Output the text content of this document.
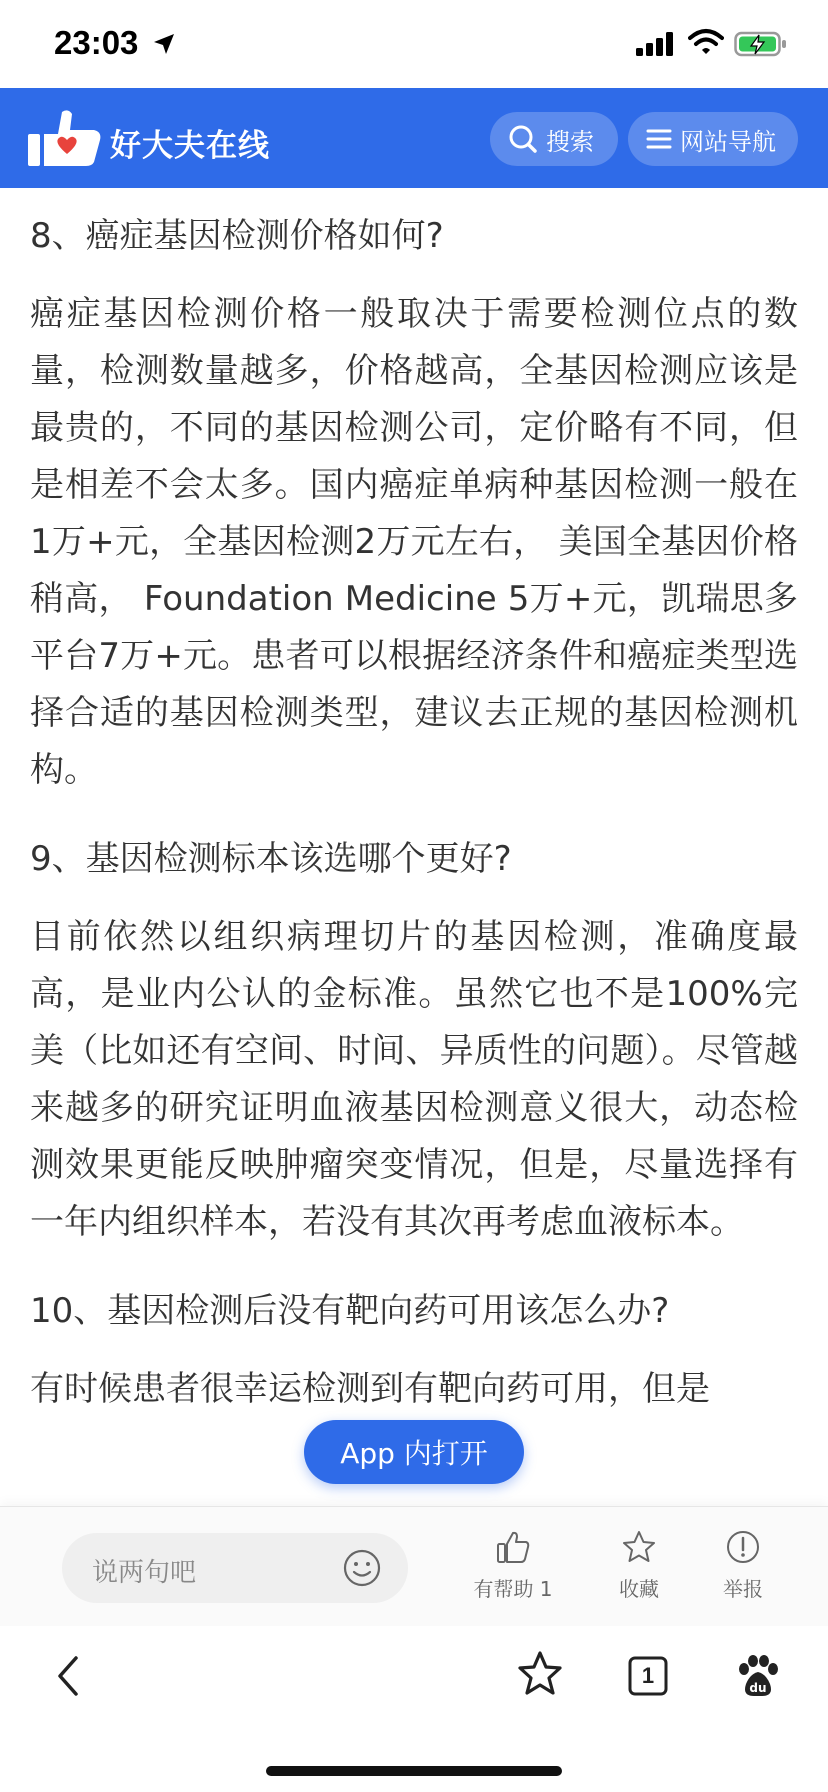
23:03
好大夫在线	搜索	网站导航
8、癌症基因检测价格如何?
癌症基因检测价格一般取决于需要检测位点的数量，检测数量越多，价格越高，全基因检测应该是最贵的，不同的基因检测公司，定价略有不同，但是相差不会太多。国内癌症单病种基因检测一般在1万+元，全基因检测2万元左右， 美国全基因价格稍高， Foundation Medicine 5万+元，凯瑞思多平台7万+元。患者可以根据经济条件和癌症类型选择合适的基因检测类型，建议去正规的基因检测机构。
9、基因检测标本该选哪个更好?
目前依然以组织病理切片的基因检测，准确度最高，是业内公认的金标准。虽然它也不是100%完美（比如还有空间、时间、异质性的问题）。尽管越来越多的研究证明血液基因检测意义很大，动态检测效果更能反映肿瘤突变情况，但是，尽量选择有一年内组织样本，若没有其次再考虑血液标本。
10、基因检测后没有靶向药可用该怎么办?
有时候患者很幸运检测到有靶向药可用，但是
App 内打开
说两句吧
有帮助 1	收藏	举报
1	du
